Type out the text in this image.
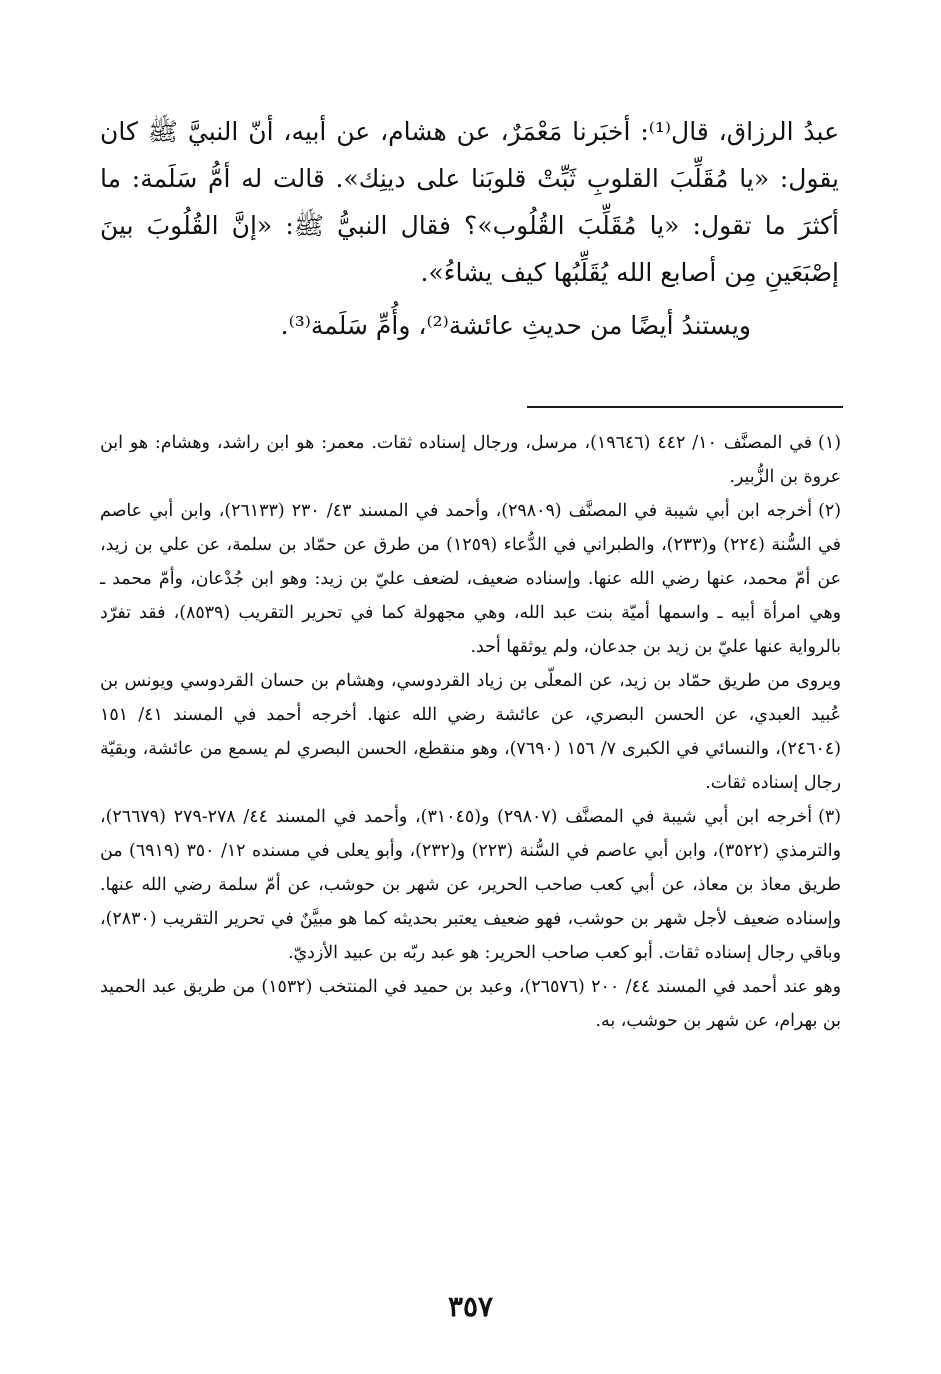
عبدُ الرزاق، قال⁽¹⁾: أخبَرنا مَعْمَرٌ، عن هشام، عن أبيه، أنّ النبيَّ ﷺ كان يقول: «يا مُقَلِّبَ القلوبِ ثَبِّتْ قلوبَنا على دينِك». قالت له أمُّ سَلَمة: ما أكثرَ ما تقول: «يا مُقَلِّبَ القُلُوب»؟ فقال النبيُّ ﷺ: «إنَّ القُلُوبَ بينَ إصْبَعَينِ مِن أصابع الله يُقَلِّبُها كيف يشاءُ».

ويستندُ أيضًا من حديثِ عائشة⁽²⁾، وأُمِّ سَلَمة⁽³⁾.

(١)في المصنَّف ١٠/ ٤٤٢ (١٩٦٤٦)، مرسل، ورجال إسناده ثقات. معمر: هو ابن راشد، وهشام: هو ابن عروة بن الزُّبير.

(٢)أخرجه ابن أبي شيبة في المصنَّف (٢٩٨٠٩)، وأحمد في المسند ٤٣/ ٢٣٠ (٢٦١٣٣)، وابن أبي عاصم في السُّنة (٢٢٤) و(٢٣٣)، والطبراني في الدُّعاء (١٢٥٩) من طرق عن حمّاد بن سلمة، عن علي بن زيد، عن أمّ محمد، عنها رضي الله عنها. وإسناده ضعيف، لضعف عليّ بن زيد: وهو ابن جُدْعان، وأمّ محمد ـ وهي امرأة أبيه ـ واسمها أميّة بنت عبد الله، وهي مجهولة كما في تحرير التقريب (٨٥٣٩)، فقد تفرّد بالرواية عنها عليّ بن زيد بن جدعان، ولم يوثقها أحد.

ويروى من طريق حمّاد بن زيد، عن المعلّى بن زياد القردوسي، وهشام بن حسان القردوسي ويونس بن عُبيد العبدي، عن الحسن البصري، عن عائشة رضي الله عنها. أخرجه أحمد في المسند ٤١/ ١٥١ (٢٤٦٠٤)، والنسائي في الكبرى ٧/ ١٥٦ (٧٦٩٠)، وهو منقطع، الحسن البصري لم يسمع من عائشة، وبقيّة رجال إسناده ثقات.

(٣)أخرجه ابن أبي شيبة في المصنَّف (٢٩٨٠٧) و(٣١٠٤٥)، وأحمد في المسند ٤٤/ ٢٧٨-٢٧٩ (٢٦٦٧٩)، والترمذي (٣٥٢٢)، وابن أبي عاصم في السُّنة (٢٢٣) و(٢٣٢)، وأبو يعلى في مسنده ١٢/ ٣٥٠ (٦٩١٩) من طريق معاذ بن معاذ، عن أبي كعب صاحب الحرير، عن شهر بن حوشب، عن أمّ سلمة رضي الله عنها. وإسناده ضعيف لأجل شهر بن حوشب، فهو ضعيف يعتبر بحديثه كما هو مبيَّنٌ في تحرير التقريب (٢٨٣٠)، وباقي رجال إسناده ثقات. أبو كعب صاحب الحرير: هو عبد ربّه بن عبيد الأزديّ.

وهو عند أحمد في المسند ٤٤/ ٢٠٠ (٢٦٥٧٦)، وعبد بن حميد في المنتخب (١٥٣٢) من طريق عبد الحميد بن بهرام، عن شهر بن حوشب، به.

٣٥٧
